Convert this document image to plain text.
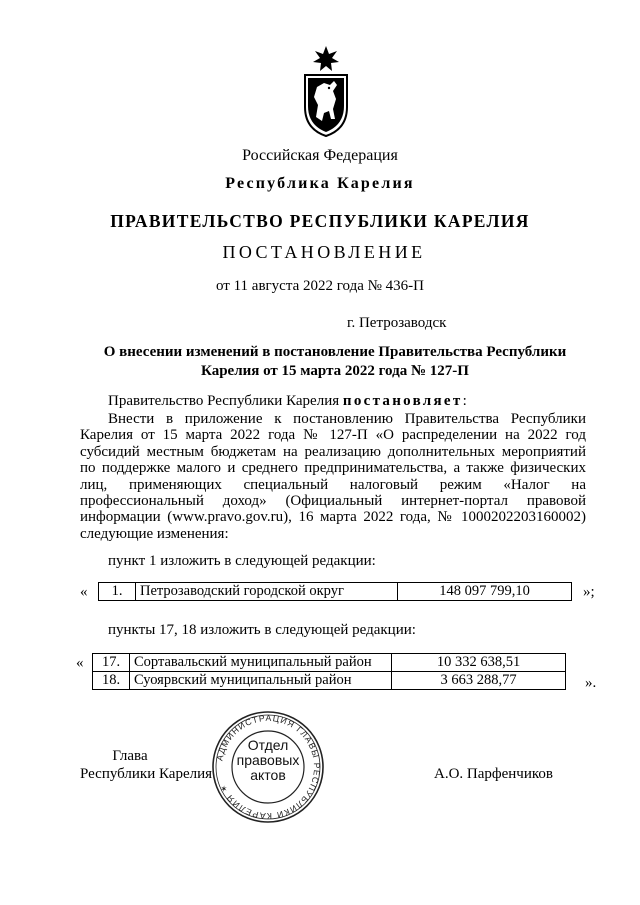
Российская Федерация
Республика Карелия
ПРАВИТЕЛЬСТВО РЕСПУБЛИКИ КАРЕЛИЯ
ПОСТАНОВЛЕНИЕ
от 11 августа 2022 года № 436-П
г. Петрозаводск
О внесении изменений в постановление Правительства Республики Карелия от 15 марта 2022 года № 127-П
Правительство Республики Карелия постановляет:
Внести в приложение к постановлению Правительства Республики Карелия от 15 марта 2022 года № 127-П «О распределении на 2022 год субсидий местным бюджетам на реализацию дополнительных мероприятий по поддержке малого и среднего предпринимательства, а также физических лиц, применяющих специальный налоговый режим «Налог на профессиональный доход» (Официальный интернет-портал правовой информации (www.pravo.gov.ru), 16 марта 2022 года, № 1000202203160002) следующие изменения:
пункт 1 изложить в следующей редакции:
« 1.	Петрозаводский городской округ	148 097 799,10	»;
пункты 17, 18 изложить в следующей редакции:
« 17.	Сортавальский муниципальный район	10 332 638,51
18.	Суоярвский муниципальный район	3 663 288,77	».
Глава
Республики Карелия	А.О. Парфенчиков
АДМИНИСТРАЦИЯ ГЛАВЫ РЕСПУБЛИКИ КАРЕЛИЯ ✶
Отдел
правовых
актов
